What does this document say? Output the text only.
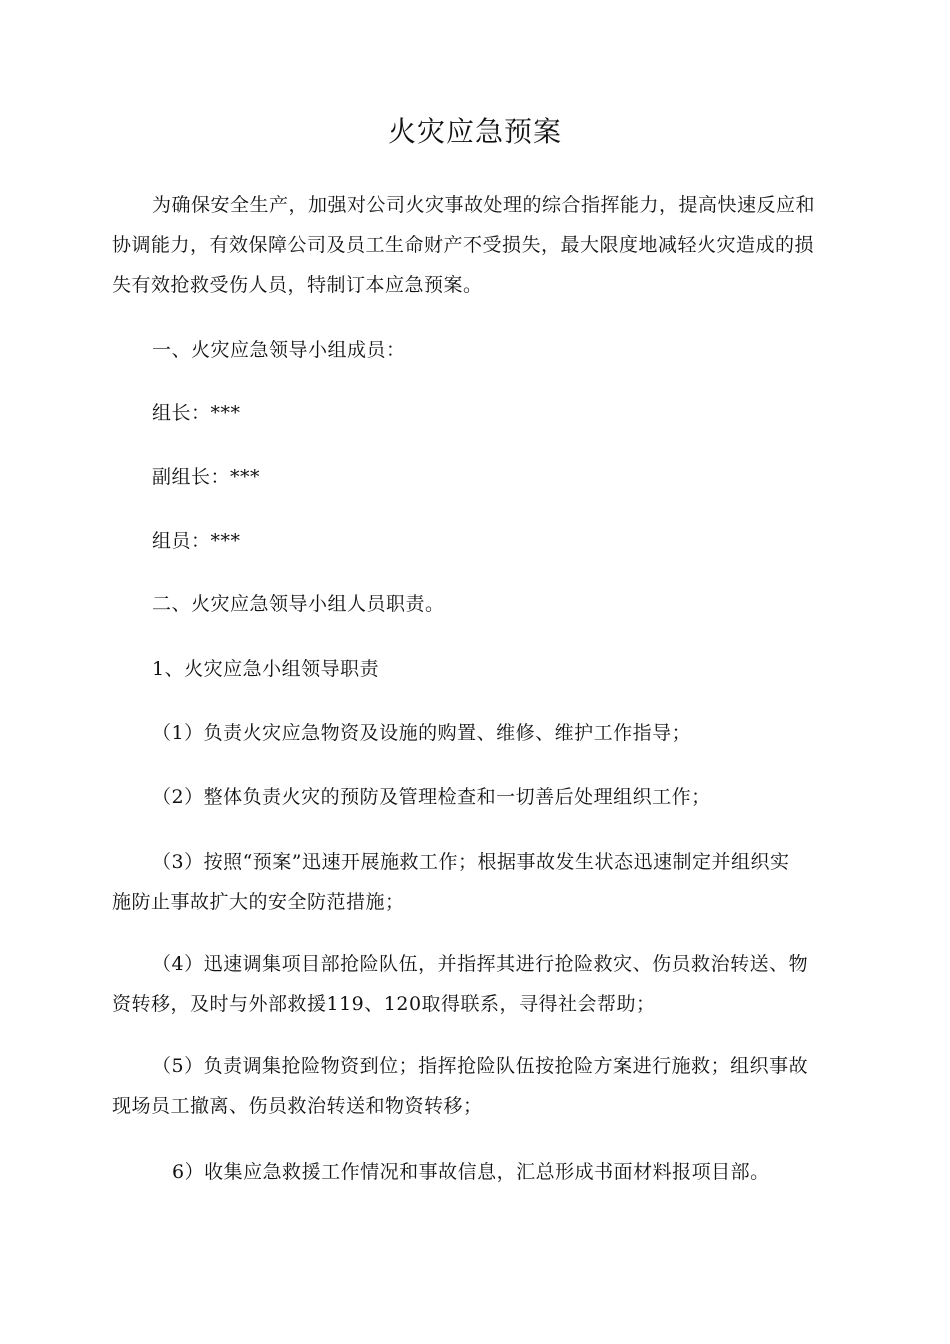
火灾应急预案

为确保安全生产，加强对公司火灾事故处理的综合指挥能力，提高快速反应和
协调能力，有效保障公司及员工生命财产不受损失，最大限度地减轻火灾造成的损
失有效抢救受伤人员，特制订本应急预案。

一、火灾应急领导小组成员：

组长：***

副组长：***

组员：***

二、火灾应急领导小组人员职责。

1、火灾应急小组领导职责

（1）负责火灾应急物资及设施的购置、维修、维护工作指导；

（2）整体负责火灾的预防及管理检查和一切善后处理组织工作；

（3）按照“预案”迅速开展施救工作；根据事故发生状态迅速制定并组织实
施防止事故扩大的安全防范措施；

（4）迅速调集项目部抢险队伍，并指挥其进行抢险救灾、伤员救治转送、物
资转移，及时与外部救援119、120取得联系，寻得社会帮助；

（5）负责调集抢险物资到位；指挥抢险队伍按抢险方案进行施救；组织事故
现场员工撤离、伤员救治转送和物资转移；

6）收集应急救援工作情况和事故信息，汇总形成书面材料报项目部。
